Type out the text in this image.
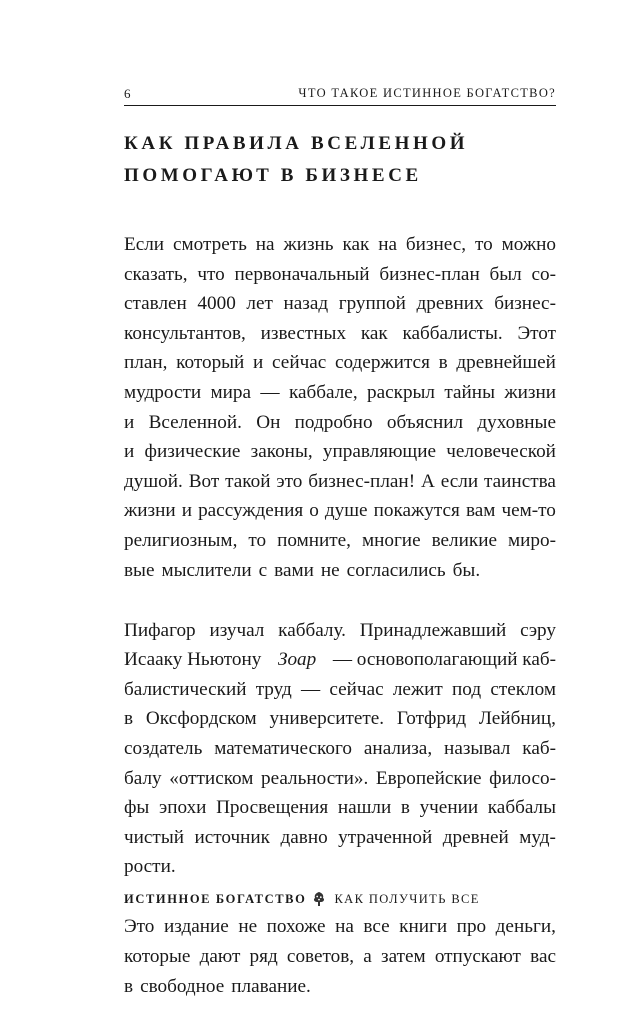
6	ЧТО ТАКОЕ ИСТИННОЕ БОГАТСТВО?
КАК ПРАВИЛА ВСЕЛЕННОЙ
ПОМОГАЮТ В БИЗНЕСЕ
Если смотреть на жизнь как на бизнес, то можно
сказать, что первоначальный бизнес-план был со-
ставлен 4000 лет назад группой древних бизнес-
консультантов, известных как каббалисты. Этот
план, который и сейчас содержится в древнейшей
мудрости мира — каббале, раскрыл тайны жизни
и Вселенной. Он подробно объяснил духовные
и физические законы, управляющие человеческой
душой. Вот такой это бизнес-план! А если таинства
жизни и рассуждения о душе покажутся вам чем-то
религиозным, то помните, многие великие миро-
вые мыслители с вами не согласились бы.
Пифагор изучал каббалу. Принадлежавший сэру
Исааку Ньютону Зоар — основополагающий каб-
балистический труд — сейчас лежит под стеклом
в Оксфордском университете. Готфрид Лейбниц,
создатель математического анализа, называл каб-
балу «оттиском реальности». Европейские филосо-
фы эпохи Просвещения нашли в учении каббалы
чистый источник давно утраченной древней муд-
рости.
Это издание не похоже на все книги про деньги,
которые дают ряд советов, а затем отпускают вас
в свободное плавание.
ИСТИННОЕ БОГАТСТВО КАК ПОЛУЧИТЬ ВСЕ
